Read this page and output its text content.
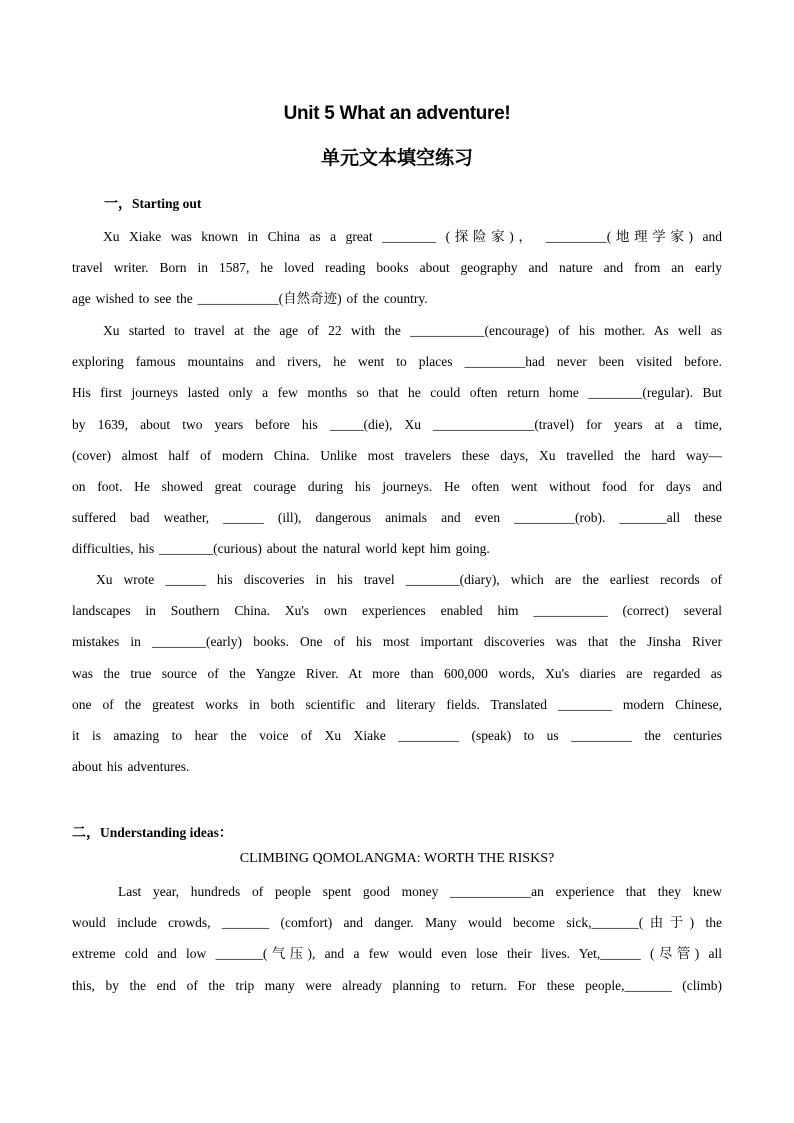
Unit 5 What an adventure!
单元文本填空练习
一，Starting out

Xu Xiake was known in China as a great ________ (探险家)， _________(地理学家) and
travel writer. Born in 1587, he loved reading books about geography and nature and from an early
age wished to see the ____________(自然奇迹) of the country.

Xu started to travel at the age of 22 with the ___________(encourage) of his mother. As well as
exploring famous mountains and rivers, he went to places _________had never been visited before.
His first journeys lasted only a few months so that he could often return home ________(regular). But
by 1639, about two years before his _____(die), Xu _______________(travel) for years at a time,
(cover) almost half of modern China. Unlike most travelers these days, Xu travelled the hard way—
on foot. He showed great courage during his journeys. He often went without food for days and
suffered bad weather, ______ (ill), dangerous animals and even _________(rob). _______all these
difficulties, his ________(curious) about the natural world kept him going.

Xu wrote ______ his discoveries in his travel ________(diary), which are the earliest records of
landscapes in Southern China. Xu's own experiences enabled him ___________ (correct) several
mistakes in ________(early) books. One of his most important discoveries was that the Jinsha River
was the true source of the Yangze River. At more than 600,000 words, Xu's diaries are regarded as
one of the greatest works in both scientific and literary fields. Translated ________ modern Chinese,
it is amazing to hear the voice of Xu Xiake _________ (speak) to us _________ the centuries
about his adventures.

二，Understanding ideas：
CLIMBING QOMOLANGMA: WORTH THE RISKS?

Last year, hundreds of people spent good money ____________an experience that they knew
would include crowds, _______ (comfort) and danger. Many would become sick,_______(由于) the
extreme cold and low _______(气压), and a few would even lose their lives. Yet,______ (尽管) all
this, by the end of the trip many were already planning to return. For these people,_______ (climb)
